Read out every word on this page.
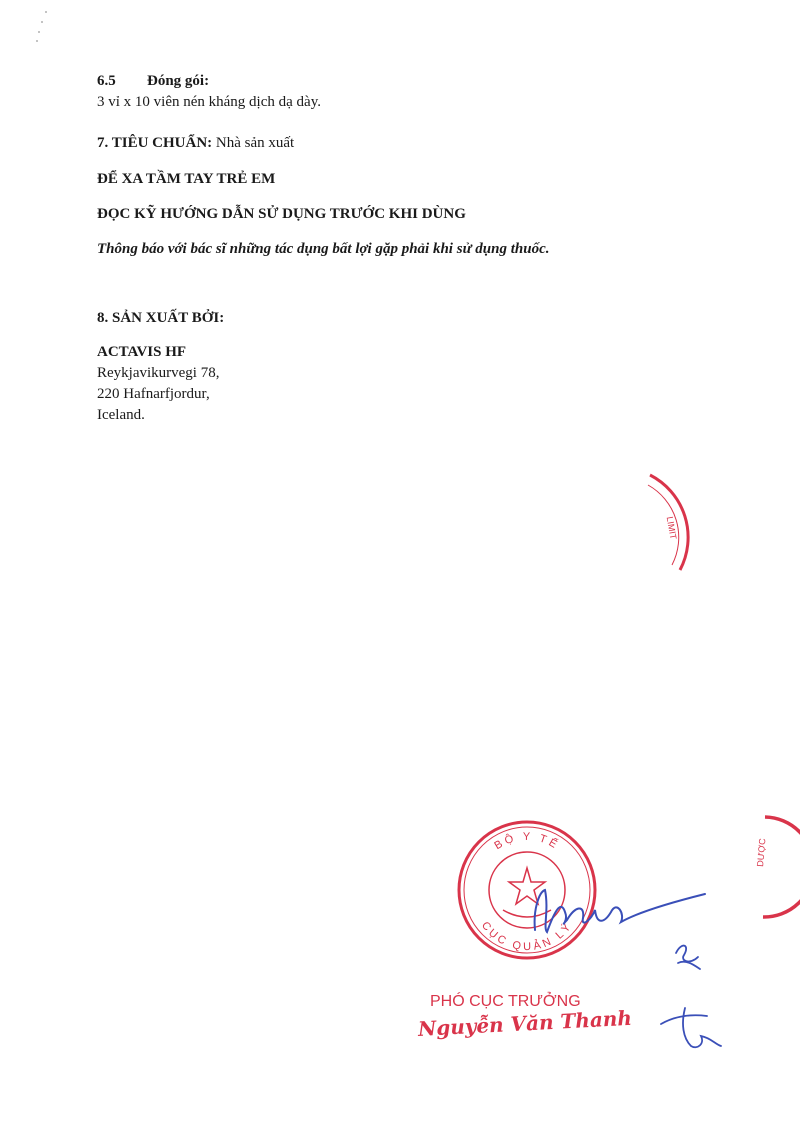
6.5 Đóng gói:
3 vỉ x 10 viên nén kháng dịch dạ dày.
7. TIÊU CHUẨN: Nhà sản xuất
ĐỂ XA TẦM TAY TRẺ EM
ĐỌC KỸ HƯỚNG DẪN SỬ DỤNG TRƯỚC KHI DÙNG
Thông báo với bác sĩ những tác dụng bất lợi gặp phải khi sử dụng thuốc.
8. SẢN XUẤT BỞI:
ACTAVIS HF
Reykjavikurvegi 78,
220 Hafnarfjordur,
Iceland.
LIMIT
DƯỢC
BỘ Y TẾ
CỤC QUẢN LÝ
PHÓ CỤC TRƯỞNG
Nguyễn Văn Thanh
